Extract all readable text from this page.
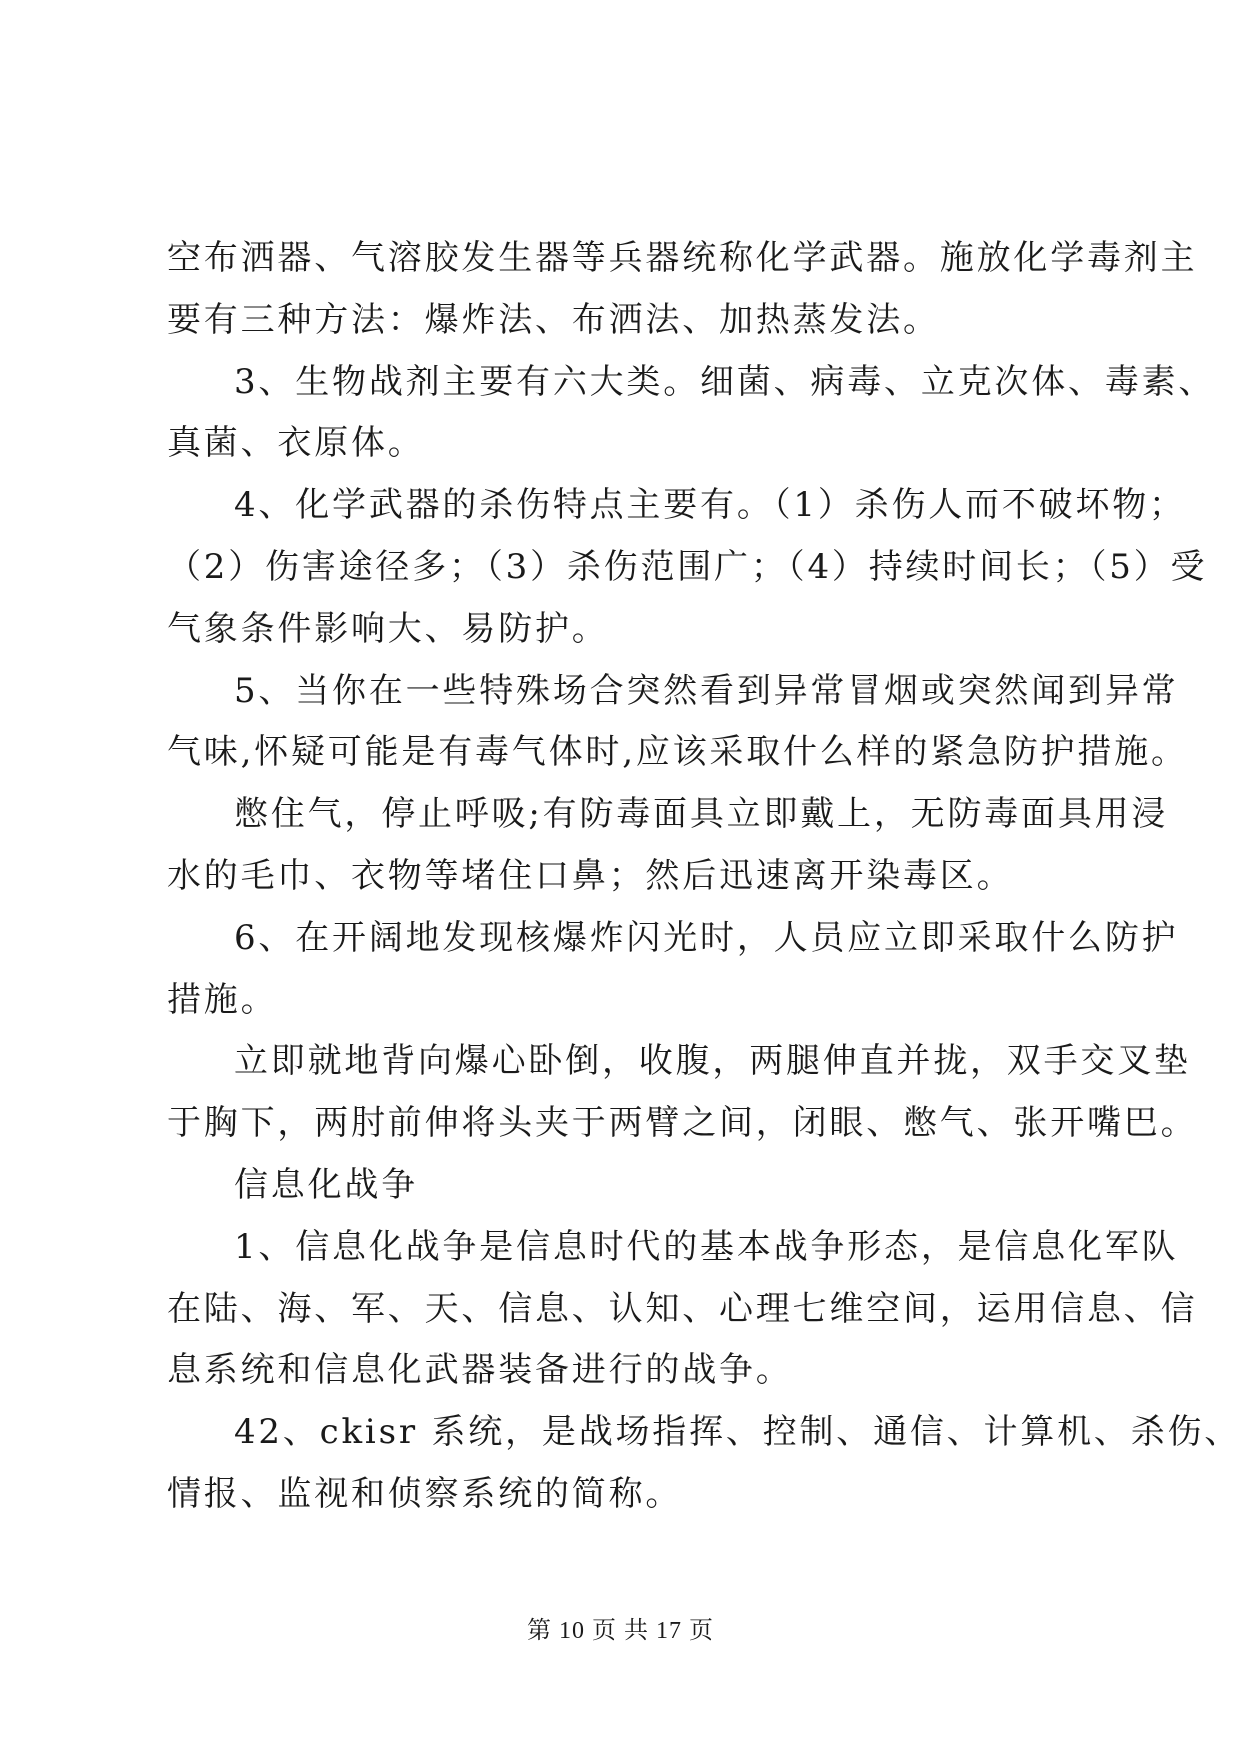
空布洒器、气溶胶发生器等兵器统称化学武器。施放化学毒剂主

要有三种方法：爆炸法、布洒法、加热蒸发法。

3、生物战剂主要有六大类。细菌、病毒、立克次体、毒素、

真菌、衣原体。

4、化学武器的杀伤特点主要有。（1）杀伤人而不破坏物；

（2）伤害途径多；（3）杀伤范围广；（4）持续时间长；（5）受

气象条件影响大、易防护。

5、当你在一些特殊场合突然看到异常冒烟或突然闻到异常

气味,怀疑可能是有毒气体时,应该采取什么样的紧急防护措施。

憋住气，停止呼吸;有防毒面具立即戴上，无防毒面具用浸

水的毛巾、衣物等堵住口鼻；然后迅速离开染毒区。

6、在开阔地发现核爆炸闪光时，人员应立即采取什么防护

措施。

立即就地背向爆心卧倒，收腹，两腿伸直并拢，双手交叉垫

于胸下，两肘前伸将头夹于两臂之间，闭眼、憋气、张开嘴巴。

信息化战争

1、信息化战争是信息时代的基本战争形态，是信息化军队

在陆、海、军、天、信息、认知、心理七维空间，运用信息、信

息系统和信息化武器装备进行的战争。

42、ckisr 系统，是战场指挥、控制、通信、计算机、杀伤、

情报、监视和侦察系统的简称。

第 10 页 共 17 页
